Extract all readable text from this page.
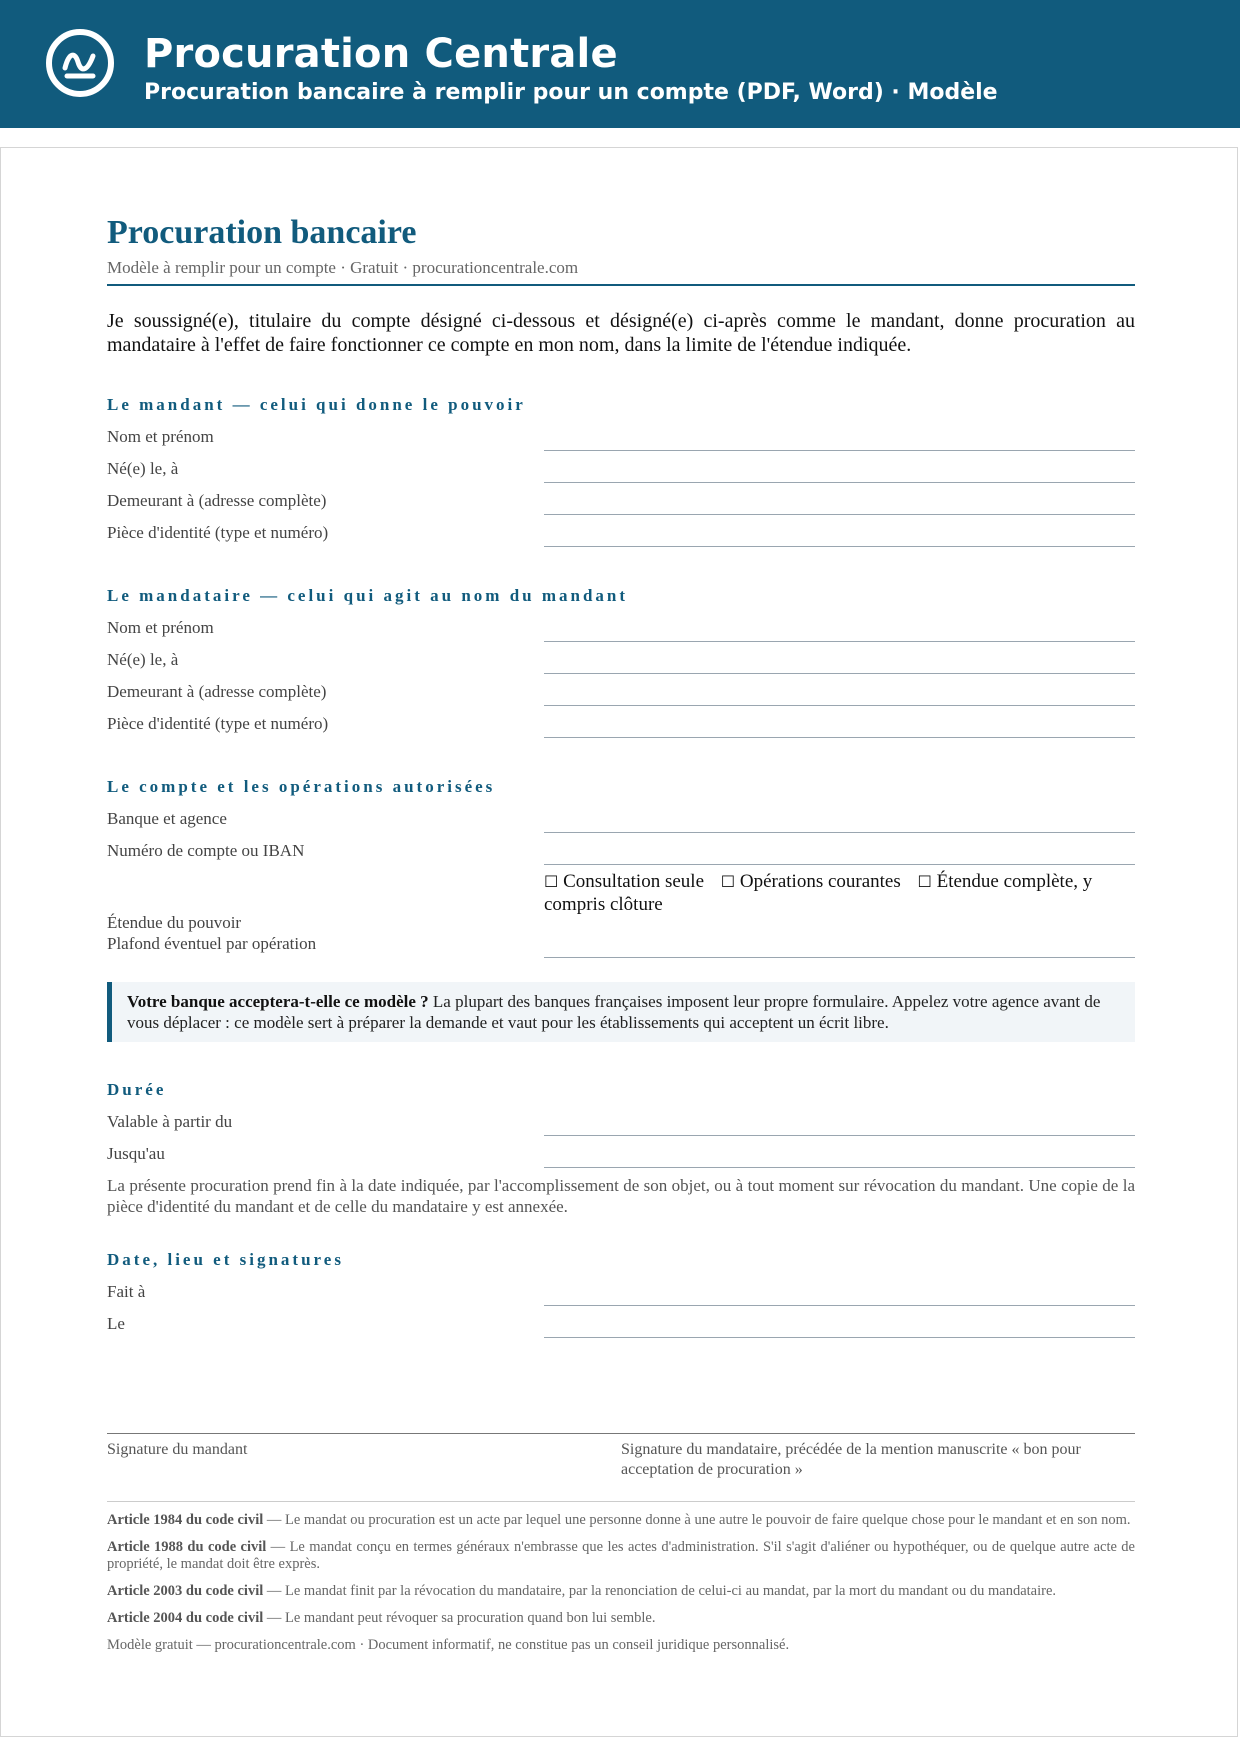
Procuration Centrale
Procuration bancaire à remplir pour un compte (PDF, Word) · Modèle
Procuration bancaire
Modèle à remplir pour un compte · Gratuit · procurationcentrale.com
Je soussigné(e), titulaire du compte désigné ci-dessous et désigné(e) ci-après comme le mandant, donne procuration au mandataire à l'effet de faire fonctionner ce compte en mon nom, dans la limite de l'étendue indiquée.
Le mandant — celui qui donne le pouvoir
Nom et prénom
Né(e) le, à
Demeurant à (adresse complète)
Pièce d'identité (type et numéro)
Le mandataire — celui qui agit au nom du mandant
Nom et prénom
Né(e) le, à
Demeurant à (adresse complète)
Pièce d'identité (type et numéro)
Le compte et les opérations autorisées
Banque et agence
Numéro de compte ou IBAN
Étendue du pouvoir
☐ Consultation seule ☐ Opérations courantes ☐ Étendue complète, y compris clôture
Plafond éventuel par opération
Votre banque acceptera-t-elle ce modèle ? La plupart des banques françaises imposent leur propre formulaire. Appelez votre agence avant de vous déplacer : ce modèle sert à préparer la demande et vaut pour les établissements qui acceptent un écrit libre.
Durée
Valable à partir du
Jusqu'au
La présente procuration prend fin à la date indiquée, par l'accomplissement de son objet, ou à tout moment sur révocation du mandant. Une copie de la pièce d'identité du mandant et de celle du mandataire y est annexée.
Date, lieu et signatures
Fait à
Le
Signature du mandant	Signature du mandataire, précédée de la mention manuscrite « bon pour acceptation de procuration »

Article 1984 du code civil — Le mandat ou procuration est un acte par lequel une personne donne à une autre le pouvoir de faire quelque chose pour le mandant et en son nom.

Article 1988 du code civil — Le mandat conçu en termes généraux n'embrasse que les actes d'administration. S'il s'agit d'aliéner ou hypothéquer, ou de quelque autre acte de propriété, le mandat doit être exprès.

Article 2003 du code civil — Le mandat finit par la révocation du mandataire, par la renonciation de celui-ci au mandat, par la mort du mandant ou du mandataire.

Article 2004 du code civil — Le mandant peut révoquer sa procuration quand bon lui semble.

Modèle gratuit — procurationcentrale.com · Document informatif, ne constitue pas un conseil juridique personnalisé.
